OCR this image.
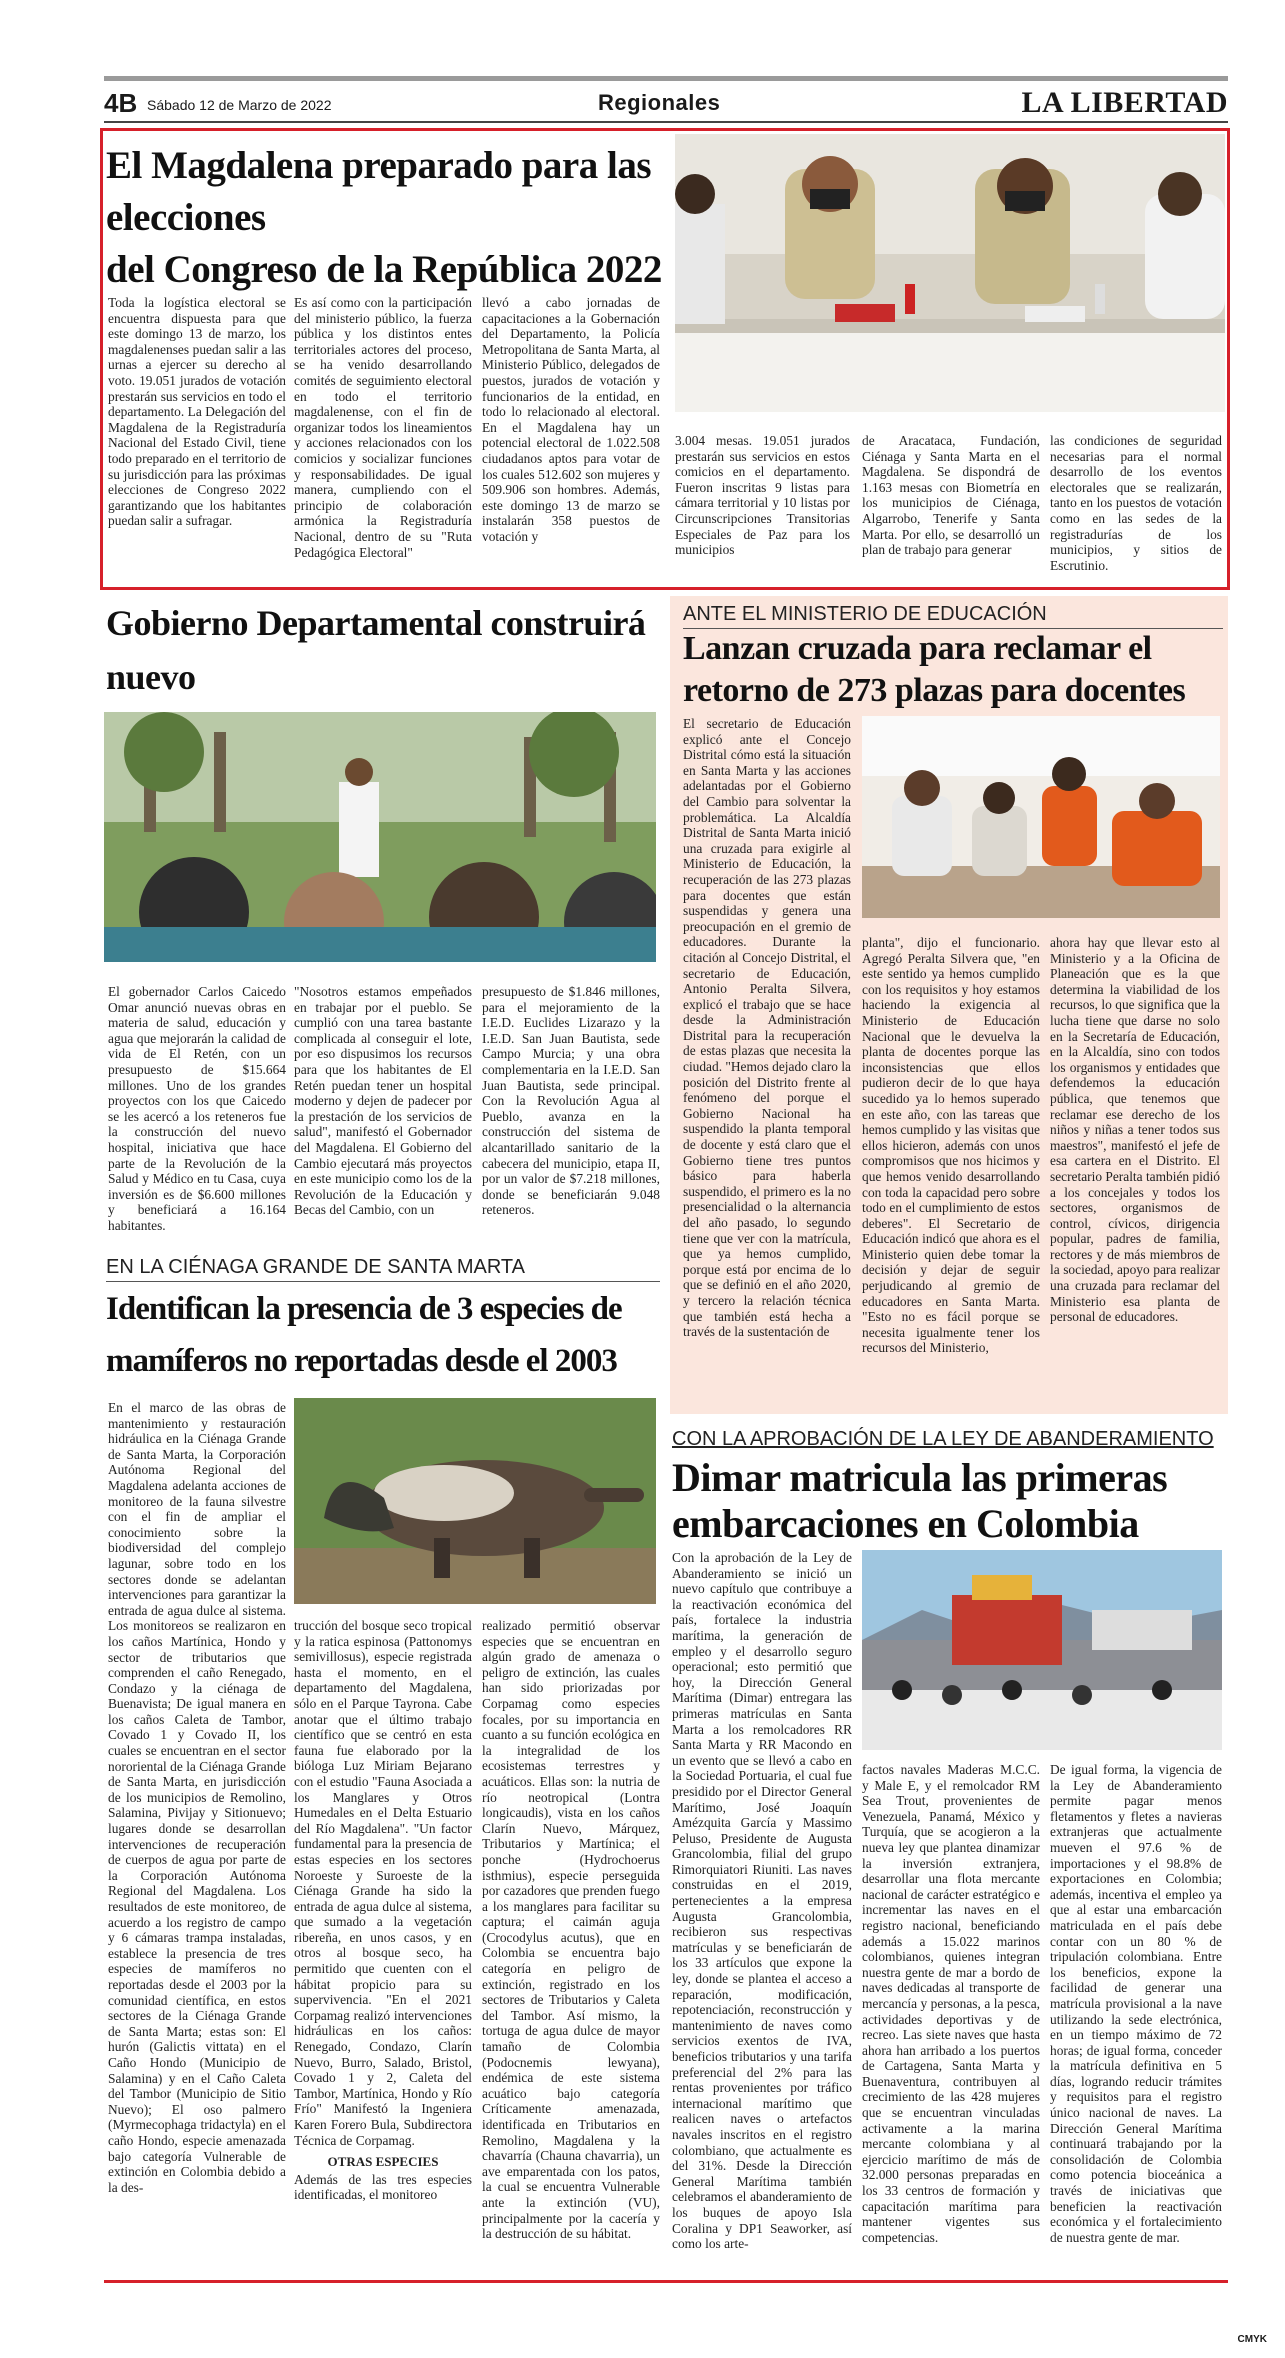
4B Sábado 12 de Marzo de 2022	Regionales	LA LIBERTAD
El Magdalena preparado para las elecciones
del Congreso de la República 2022
Toda la logística electoral se encuentra dispuesta para que este domingo 13 de marzo, los magdalenenses puedan salir a las urnas a ejercer su derecho al voto. 19.051 jurados de votación prestarán sus servicios en todo el departamento. La Delegación del Magdalena de la Registraduría Nacional del Estado Civil, tiene todo preparado en el territorio de su jurisdicción para las próximas elecciones de Congreso 2022 garantizando que los habitantes puedan salir a sufragar.
Es así como con la participación del ministerio público, la fuerza pública y los distintos entes territoriales actores del proceso, se ha venido desarrollando comités de seguimiento electoral en todo el territorio magdalenense, con el fin de organizar todos los lineamientos y acciones relacionados con los comicios y socializar funciones y responsabilidades. De igual manera, cumpliendo con el principio de colaboración armónica la Registraduría Nacional, dentro de su "Ruta Pedagógica Electoral"
llevó a cabo jornadas de capacitaciones a la Gobernación del Departamento, la Policía Metropolitana de Santa Marta, al Ministerio Público, delegados de puestos, jurados de votación y funcionarios de la entidad, en todo lo relacionado al electoral. En el Magdalena hay un potencial electoral de 1.022.508 ciudadanos aptos para votar de los cuales 512.602 son mujeres y 509.906 son hombres. Además, este domingo 13 de marzo se instalarán 358 puestos de votación y
3.004 mesas. 19.051 jurados prestarán sus servicios en estos comicios en el departamento. Fueron inscritas 9 listas para cámara territorial y 10 listas por Circunscripciones Transitorias Especiales de Paz para los municipios
de Aracataca, Fundación, Ciénaga y Santa Marta en el Magdalena. Se dispondrá de 1.163 mesas con Biometría en los municipios de Ciénaga, Algarrobo, Tenerife y Santa Marta. Por ello, se desarrolló un plan de trabajo para generar
las condiciones de seguridad necesarias para el normal desarrollo de los eventos electorales que se realizarán, tanto en los puestos de votación como en las sedes de la registradurías de los municipios, y sitios de Escrutinio.
Gobierno Departamental construirá nuevo
El gobernador Carlos Caicedo Omar anunció nuevas obras en materia de salud, educación y agua que mejorarán la calidad de vida de El Retén, con un presupuesto de $15.664 millones. Uno de los grandes proyectos con los que Caicedo se les acercó a los reteneros fue la construcción del nuevo hospital, iniciativa que hace parte de la Revolución de la Salud y Médico en tu Casa, cuya inversión es de $6.600 millones y beneficiará a 16.164 habitantes.
"Nosotros estamos empeñados en trabajar por el pueblo. Se cumplió con una tarea bastante complicada al conseguir el lote, por eso dispusimos los recursos para que los habitantes de El Retén puedan tener un hospital moderno y dejen de padecer por la prestación de los servicios de salud", manifestó el Gobernador del Magdalena. El Gobierno del Cambio ejecutará más proyectos en este municipio como los de la Revolución de la Educación y Becas del Cambio, con un
presupuesto de $1.846 millones, para el mejoramiento de la I.E.D. Euclides Lizarazo y la I.E.D. San Juan Bautista, sede Campo Murcia; y una obra complementaria en la I.E.D. San Juan Bautista, sede principal. Con la Revolución Agua al Pueblo, avanza en la construcción del sistema de alcantarillado sanitario de la cabecera del municipio, etapa II, por un valor de $7.218 millones, donde se beneficiarán 9.048 reteneros.
ANTE EL MINISTERIO DE EDUCACIÓN
Lanzan cruzada para reclamar el
retorno de 273 plazas para docentes
El secretario de Educación explicó ante el Concejo Distrital cómo está la situación en Santa Marta y las acciones adelantadas por el Gobierno del Cambio para solventar la problemática. La Alcaldía Distrital de Santa Marta inició una cruzada para exigirle al Ministerio de Educación, la recuperación de las 273 plazas para docentes que están suspendidas y genera una preocupación en el gremio de educadores. Durante la citación al Concejo Distrital, el secretario de Educación, Antonio Peralta Silvera, explicó el trabajo que se hace desde la Administración Distrital para la recuperación de estas plazas que necesita la ciudad. "Hemos dejado claro la posición del Distrito frente al fenómeno del porque el Gobierno Nacional ha suspendido la planta temporal de docente y está claro que el Gobierno tiene tres puntos básico para haberla suspendido, el primero es la no presencialidad o la alternancia del año pasado, lo segundo tiene que ver con la matrícula, que ya hemos cumplido, porque está por encima de lo que se definió en el año 2020, y tercero la relación técnica que también está hecha a través de la sustentación de
planta", dijo el funcionario. Agregó Peralta Silvera que, "en este sentido ya hemos cumplido con los requisitos y hoy estamos haciendo la exigencia al Ministerio de Educación Nacional que le devuelva la planta de docentes porque las inconsistencias que ellos pudieron decir de lo que haya sucedido ya lo hemos superado en este año, con las tareas que hemos cumplido y las visitas que ellos hicieron, además con unos compromisos que nos hicimos y que hemos venido desarrollando con toda la capacidad pero sobre todo en el cumplimiento de estos deberes". El Secretario de Educación indicó que ahora es el Ministerio quien debe tomar la decisión y dejar de seguir perjudicando al gremio de educadores en Santa Marta. "Esto no es fácil porque se necesita igualmente tener los recursos del Ministerio,
ahora hay que llevar esto al Ministerio y a la Oficina de Planeación que es la que determina la viabilidad de los recursos, lo que significa que la lucha tiene que darse no solo en la Secretaría de Educación, en la Alcaldía, sino con todos los organismos y entidades que defendemos la educación pública, que tenemos que reclamar ese derecho de los niños y niñas a tener todos sus maestros", manifestó el jefe de esa cartera en el Distrito. El secretario Peralta también pidió a los concejales y todos los sectores, organismos de control, cívicos, dirigencia popular, padres de familia, rectores y de más miembros de la sociedad, apoyo para realizar una cruzada para reclamar del Ministerio esa planta de personal de educadores.
EN LA CIÉNAGA GRANDE DE SANTA MARTA
Identifican la presencia de 3 especies de
mamíferos no reportadas desde el 2003
En el marco de las obras de mantenimiento y restauración hidráulica en la Ciénaga Grande de Santa Marta, la Corporación Autónoma Regional del Magdalena adelanta acciones de monitoreo de la fauna silvestre con el fin de ampliar el conocimiento sobre la biodiversidad del complejo lagunar, sobre todo en los sectores donde se adelantan intervenciones para garantizar la entrada de agua dulce al sistema. Los monitoreos se realizaron en los caños Martínica, Hondo y sector de tributarios que comprenden el caño Renegado, Condazo y la ciénaga de Buenavista; De igual manera en los caños Caleta de Tambor, Covado 1 y Covado II, los cuales se encuentran en el sector nororiental de la Ciénaga Grande de Santa Marta, en jurisdicción de los municipios de Remolino, Salamina, Pivijay y Sitionuevo; lugares donde se desarrollan intervenciones de recuperación de cuerpos de agua por parte de la Corporación Autónoma Regional del Magdalena. Los resultados de este monitoreo, de acuerdo a los registro de campo y 6 cámaras trampa instaladas, establece la presencia de tres especies de mamíferos no reportadas desde el 2003 por la comunidad científica, en estos sectores de la Ciénaga Grande de Santa Marta; estas son: El hurón (Galictis vittata) en el Caño Hondo (Municipio de Salamina) y en el Caño Caleta del Tambor (Municipio de Sitio Nuevo); El oso palmero (Myrmecophaga tridactyla) en el caño Hondo, especie amenazada bajo categoría Vulnerable de extinción en Colombia debido a la des-

trucción del bosque seco tropical y la ratica espinosa (Pattonomys semivillosus), especie registrada hasta el momento, en el departamento del Magdalena, sólo en el Parque Tayrona. Cabe anotar que el último trabajo científico que se centró en esta fauna fue elaborado por la bióloga Luz Miriam Bejarano con el estudio "Fauna Asociada a los Manglares y Otros Humedales en el Delta Estuario del Río Magdalena". "Un factor fundamental para la presencia de estas especies en los sectores Noroeste y Suroeste de la Ciénaga Grande ha sido la entrada de agua dulce al sistema, que sumado a la vegetación ribereña, en unos casos, y en otros al bosque seco, ha permitido que cuenten con el hábitat propicio para su supervivencia. "En el 2021 Corpamag realizó intervenciones hidráulicas en los caños: Renegado, Condazo, Clarín Nuevo, Burro, Salado, Bristol, Covado 1 y 2, Caleta del Tambor, Martínica, Hondo y Río Frío" Manifestó la Ingeniera Karen Forero Bula, Subdirectora Técnica de Corpamag.

OTRAS ESPECIES

Además de las tres especies identificadas, el monitoreo

realizado permitió observar especies que se encuentran en algún grado de amenaza o peligro de extinción, las cuales han sido priorizadas por Corpamag como especies focales, por su importancia en cuanto a su función ecológica en la integralidad de los ecosistemas terrestres y acuáticos. Ellas son: la nutria de río neotropical (Lontra longicaudis), vista en los caños Clarín Nuevo, Márquez, Tributarios y Martínica; el ponche (Hydrochoerus isthmius), especie perseguida por cazadores que prenden fuego a los manglares para facilitar su captura; el caimán aguja (Crocodylus acutus), que en Colombia se encuentra bajo categoría en peligro de extinción, registrado en los sectores de Tributarios y Caleta del Tambor. Así mismo, la tortuga de agua dulce de mayor tamaño de Colombia (Podocnemis lewyana), endémica de este sistema acuático bajo categoría Críticamente amenazada, identificada en Tributarios en Remolino, Magdalena y la chavarría (Chauna chavarria), un ave emparentada con los patos, la cual se encuentra Vulnerable ante la extinción (VU), principalmente por la cacería y la destrucción de su hábitat.
CON LA APROBACIÓN DE LA LEY DE ABANDERAMIENTO
Dimar matricula las primeras
embarcaciones en Colombia
Con la aprobación de la Ley de Abanderamiento se inició un nuevo capítulo que contribuye a la reactivación económica del país, fortalece la industria marítima, la generación de empleo y el desarrollo seguro operacional; esto permitió que hoy, la Dirección General Marítima (Dimar) entregara las primeras matrículas en Santa Marta a los remolcadores RR Santa Marta y RR Macondo en un evento que se llevó a cabo en la Sociedad Portuaria, el cual fue presidido por el Director General Marítimo, José Joaquín Amézquita García y Massimo Peluso, Presidente de Augusta Grancolombia, filial del grupo Rimorquiatori Riuniti. Las naves construidas en el 2019, pertenecientes a la empresa Augusta Grancolombia, recibieron sus respectivas matrículas y se beneficiarán de los 33 artículos que expone la ley, donde se plantea el acceso a reparación, modificación, repotenciación, reconstrucción y mantenimiento de naves como servicios exentos de IVA, beneficios tributarios y una tarifa preferencial del 2% para las rentas provenientes por tráfico internacional marítimo que realicen naves o artefactos navales inscritos en el registro colombiano, que actualmente es del 31%. Desde la Dirección General Marítima también celebramos el abanderamiento de los buques de apoyo Isla Coralina y DP1 Seaworker, así como los arte-
factos navales Maderas M.C.C. y Male E, y el remolcador RM Sea Trout, provenientes de Venezuela, Panamá, México y Turquía, que se acogieron a la nueva ley que plantea dinamizar la inversión extranjera, desarrollar una flota mercante nacional de carácter estratégico e incrementar las naves en el registro nacional, beneficiando además a 15.022 marinos colombianos, quienes integran nuestra gente de mar a bordo de naves dedicadas al transporte de mercancía y personas, a la pesca, actividades deportivas y de recreo. Las siete naves que hasta ahora han arribado a los puertos de Cartagena, Santa Marta y Buenaventura, contribuyen al crecimiento de las 428 mujeres que se encuentran vinculadas activamente a la marina mercante colombiana y al ejercicio marítimo de más de 32.000 personas preparadas en los 33 centros de formación y capacitación marítima para mantener vigentes sus competencias.
De igual forma, la vigencia de la Ley de Abanderamiento permite pagar menos fletamentos y fletes a navieras extranjeras que actualmente mueven el 97.6 % de importaciones y el 98.8% de exportaciones en Colombia; además, incentiva el empleo ya que al estar una embarcación matriculada en el país debe contar con un 80 % de tripulación colombiana. Entre los beneficios, expone la facilidad de generar una matrícula provisional a la nave utilizando la sede electrónica, en un tiempo máximo de 72 horas; de igual forma, conceder la matrícula definitiva en 5 días, logrando reducir trámites y requisitos para el registro único nacional de naves. La Dirección General Marítima continuará trabajando por la consolidación de Colombia como potencia bioceánica a través de iniciativas que beneficien la reactivación económica y el fortalecimiento de nuestra gente de mar.
CMYK
